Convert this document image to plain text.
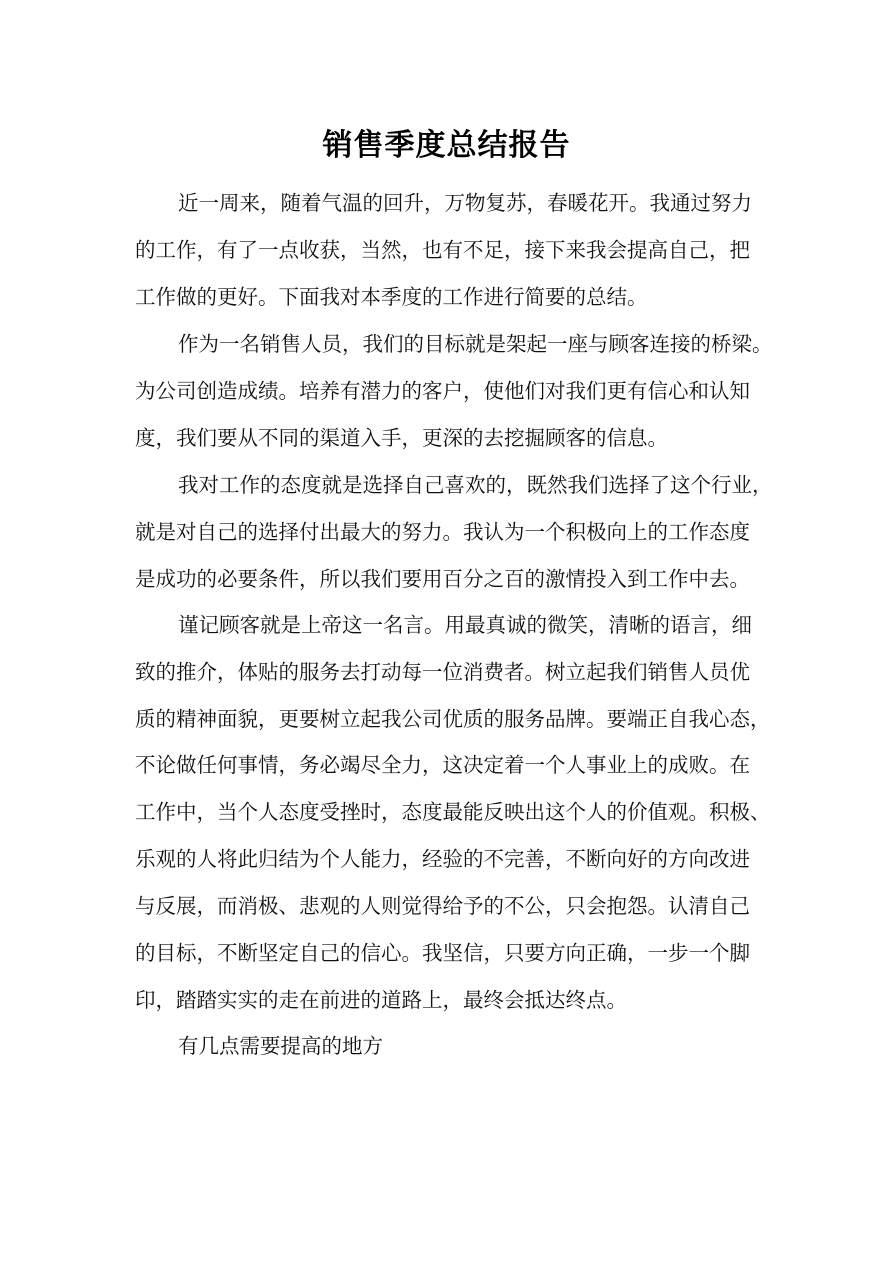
销售季度总结报告
近一周来，随着气温的回升，万物复苏，春暖花开。我通过努力
的工作，有了一点收获，当然，也有不足，接下来我会提高自己，把
工作做的更好。下面我对本季度的工作进行简要的总结。
作为一名销售人员，我们的目标就是架起一座与顾客连接的桥梁。
为公司创造成绩。培养有潜力的客户，使他们对我们更有信心和认知
度，我们要从不同的渠道入手，更深的去挖掘顾客的信息。
我对工作的态度就是选择自己喜欢的，既然我们选择了这个行业，
就是对自己的选择付出最大的努力。我认为一个积极向上的工作态度
是成功的必要条件，所以我们要用百分之百的激情投入到工作中去。
谨记顾客就是上帝这一名言。用最真诚的微笑，清晰的语言，细
致的推介，体贴的服务去打动每一位消费者。树立起我们销售人员优
质的精神面貌，更要树立起我公司优质的服务品牌。要端正自我心态，
不论做任何事情，务必竭尽全力，这决定着一个人事业上的成败。在
工作中，当个人态度受挫时，态度最能反映出这个人的价值观。积极、
乐观的人将此归结为个人能力，经验的不完善，不断向好的方向改进
与反展，而消极、悲观的人则觉得给予的不公，只会抱怨。认清自己
的目标，不断坚定自己的信心。我坚信，只要方向正确，一步一个脚
印，踏踏实实的走在前进的道路上，最终会抵达终点。
有几点需要提高的地方
